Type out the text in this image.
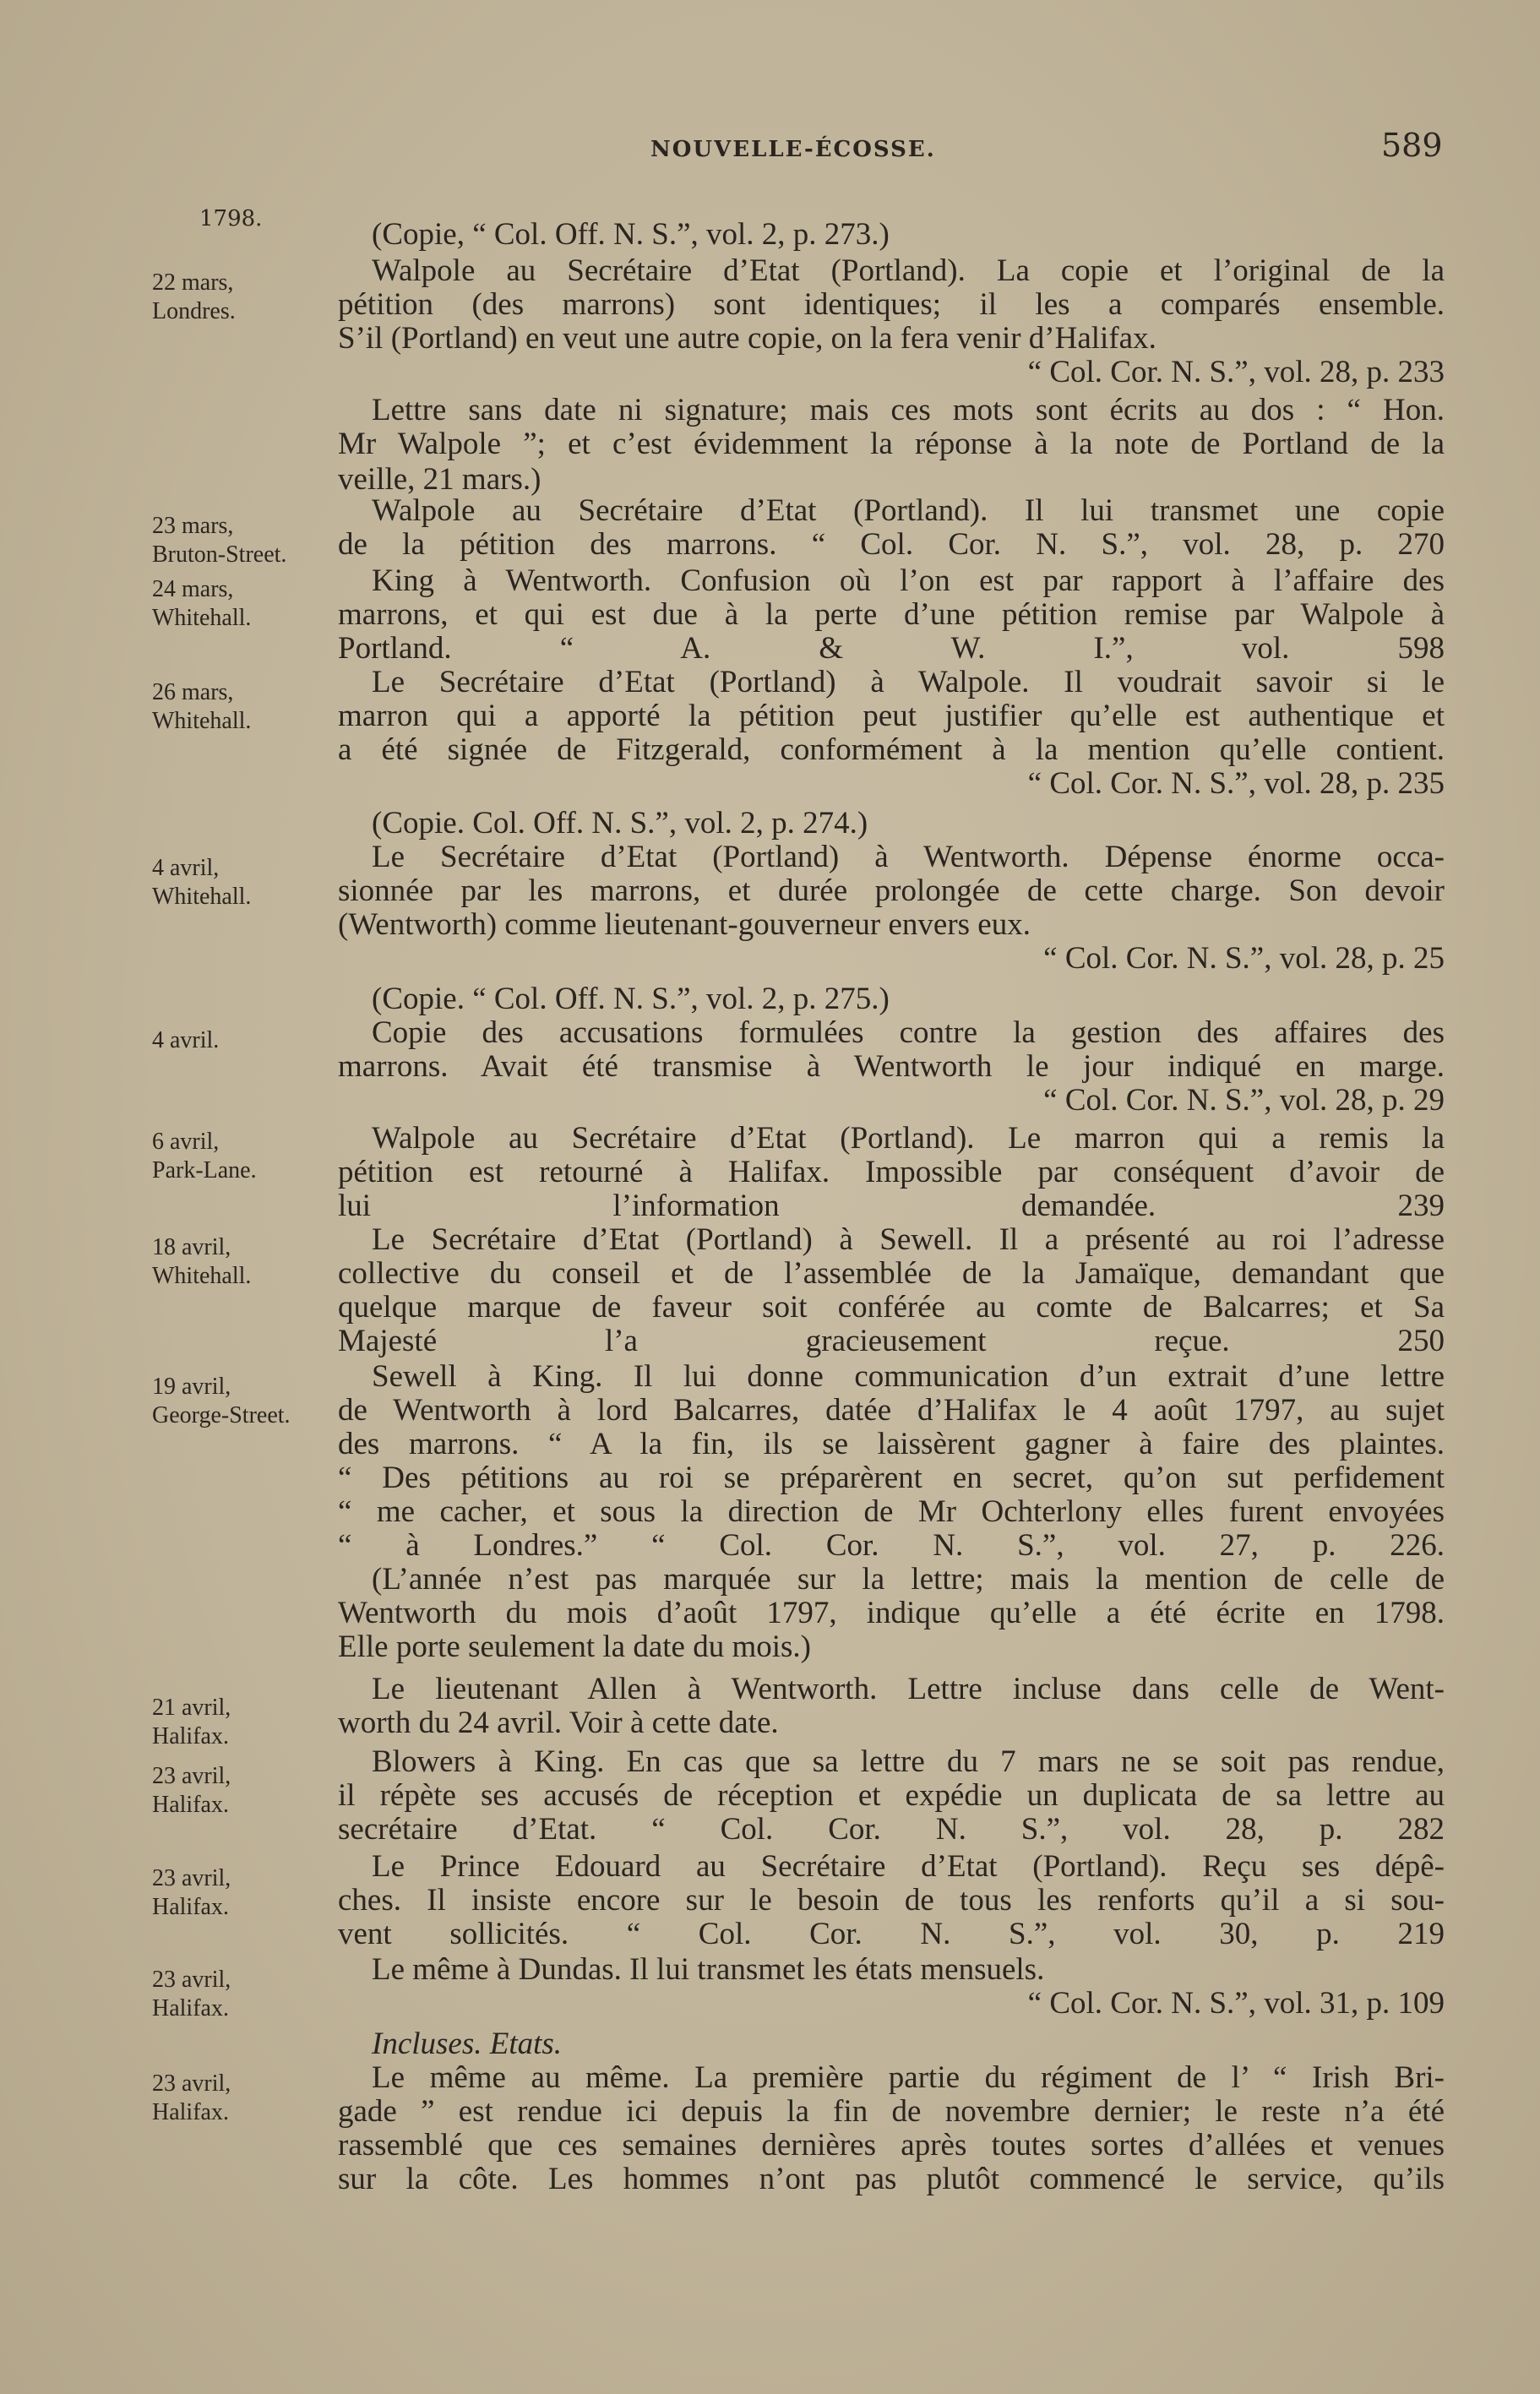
NOUVELLE-ÉCOSSE.	589
1798.
22 mars,
Londres.
23 mars,
Bruton-Street.
24 mars,
Whitehall.
26 mars,
Whitehall.
4 avril,
Whitehall.
4 avril.
6 avril,
Park-Lane.
18 avril,
Whitehall.
19 avril,
George-Street.
21 avril,
Halifax.
23 avril,
Halifax.
23 avril,
Halifax.
23 avril,
Halifax.
23 avril,
Halifax.
(Copie, “ Col. Off. N. S.”, vol. 2, p. 273.)
Walpole au Secrétaire d’Etat (Portland). La copie et l’original de la
pétition (des marrons) sont identiques; il les a comparés ensemble.
S’il (Portland) en veut une autre copie, on la fera venir d’Halifax.
“ Col. Cor. N. S.”, vol. 28, p. 233
Lettre sans date ni signature; mais ces mots sont écrits au dos : “ Hon.
Mr Walpole ”; et c’est évidemment la réponse à la note de Portland de la
veille, 21 mars.)
Walpole au Secrétaire d’Etat (Portland). Il lui transmet une copie
de la pétition des marrons. “ Col. Cor. N. S.”, vol. 28, p. 270
King à Wentworth. Confusion où l’on est par rapport à l’affaire des
marrons, et qui est due à la perte d’une pétition remise par Walpole à
Portland. “ A. & W. I.”, vol. 598
Le Secrétaire d’Etat (Portland) à Walpole. Il voudrait savoir si le
marron qui a apporté la pétition peut justifier qu’elle est authentique et
a été signée de Fitzgerald, conformément à la mention qu’elle contient.
“ Col. Cor. N. S.”, vol. 28, p. 235
(Copie. Col. Off. N. S.”, vol. 2, p. 274.)
Le Secrétaire d’Etat (Portland) à Wentworth. Dépense énorme occa-
sionnée par les marrons, et durée prolongée de cette charge. Son devoir
(Wentworth) comme lieutenant-gouverneur envers eux.
“ Col. Cor. N. S.”, vol. 28, p. 25
(Copie. “ Col. Off. N. S.”, vol. 2, p. 275.)
Copie des accusations formulées contre la gestion des affaires des
marrons. Avait été transmise à Wentworth le jour indiqué en marge.
“ Col. Cor. N. S.”, vol. 28, p. 29
Walpole au Secrétaire d’Etat (Portland). Le marron qui a remis la
pétition est retourné à Halifax. Impossible par conséquent d’avoir de
lui l’information demandée. 239
Le Secrétaire d’Etat (Portland) à Sewell. Il a présenté au roi l’adresse
collective du conseil et de l’assemblée de la Jamaïque, demandant que
quelque marque de faveur soit conférée au comte de Balcarres; et Sa
Majesté l’a gracieusement reçue. 250
Sewell à King. Il lui donne communication d’un extrait d’une lettre
de Wentworth à lord Balcarres, datée d’Halifax le 4 août 1797, au sujet
des marrons. “ A la fin, ils se laissèrent gagner à faire des plaintes.
“ Des pétitions au roi se préparèrent en secret, qu’on sut perfidement
“ me cacher, et sous la direction de Mr Ochterlony elles furent envoyées
“ à Londres.” “ Col. Cor. N. S.”, vol. 27, p. 226.
(L’année n’est pas marquée sur la lettre; mais la mention de celle de
Wentworth du mois d’août 1797, indique qu’elle a été écrite en 1798.
Elle porte seulement la date du mois.)
Le lieutenant Allen à Wentworth. Lettre incluse dans celle de Went-
worth du 24 avril. Voir à cette date.
Blowers à King. En cas que sa lettre du 7 mars ne se soit pas rendue,
il répète ses accusés de réception et expédie un duplicata de sa lettre au
secrétaire d’Etat. “ Col. Cor. N. S.”, vol. 28, p. 282
Le Prince Edouard au Secrétaire d’Etat (Portland). Reçu ses dépê-
ches. Il insiste encore sur le besoin de tous les renforts qu’il a si sou-
vent sollicités. “ Col. Cor. N. S.”, vol. 30, p. 219
Le même à Dundas. Il lui transmet les états mensuels.
“ Col. Cor. N. S.”, vol. 31, p. 109
Incluses. Etats.
Le même au même. La première partie du régiment de l’ “ Irish Bri-
gade ” est rendue ici depuis la fin de novembre dernier; le reste n’a été
rassemblé que ces semaines dernières après toutes sortes d’allées et venues
sur la côte. Les hommes n’ont pas plutôt commencé le service, qu’ils
